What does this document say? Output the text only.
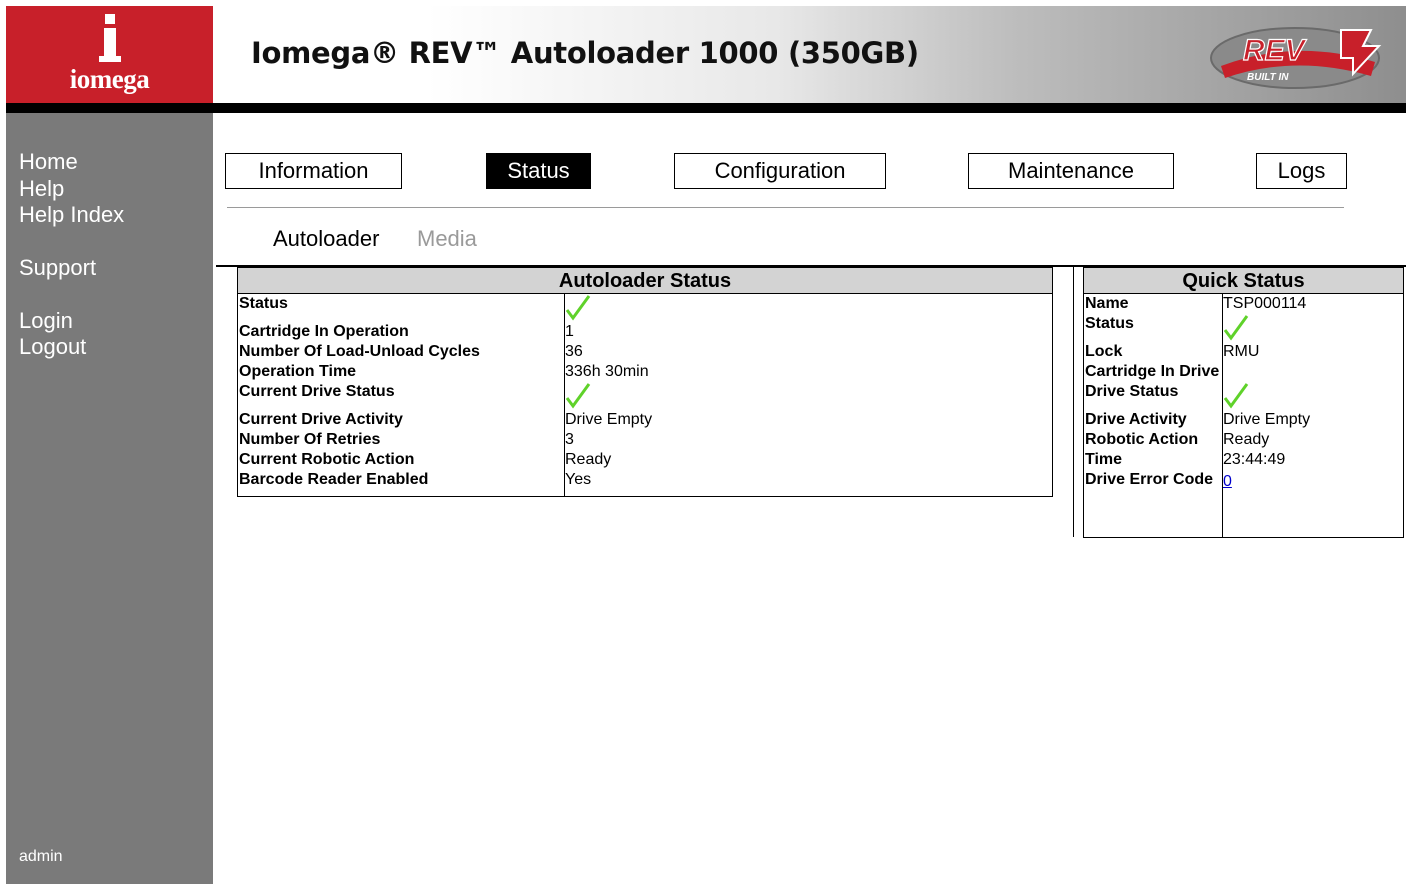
iomega
Iomega® REV™ Autoloader 1000 (350GB)	REV
BUILT IN
Home
Help
Help Index
Support
Login
Logout
admin
Information	Status	Configuration	Maintenance	Logs
Autoloader Media
Autoloader Status
Status
Cartridge In Operation	1
Number Of Load-Unload Cycles	36
Operation Time	336h 30min
Current Drive Status
Current Drive Activity	Drive Empty
Number Of Retries	3
Current Robotic Action	Ready
Barcode Reader Enabled	Yes
Quick Status
Name	TSP000114
Status
Lock	RMU
Cartridge In Drive
Drive Status
Drive Activity	Drive Empty
Robotic Action	Ready
Time	23:44:49
Drive Error Code 0
